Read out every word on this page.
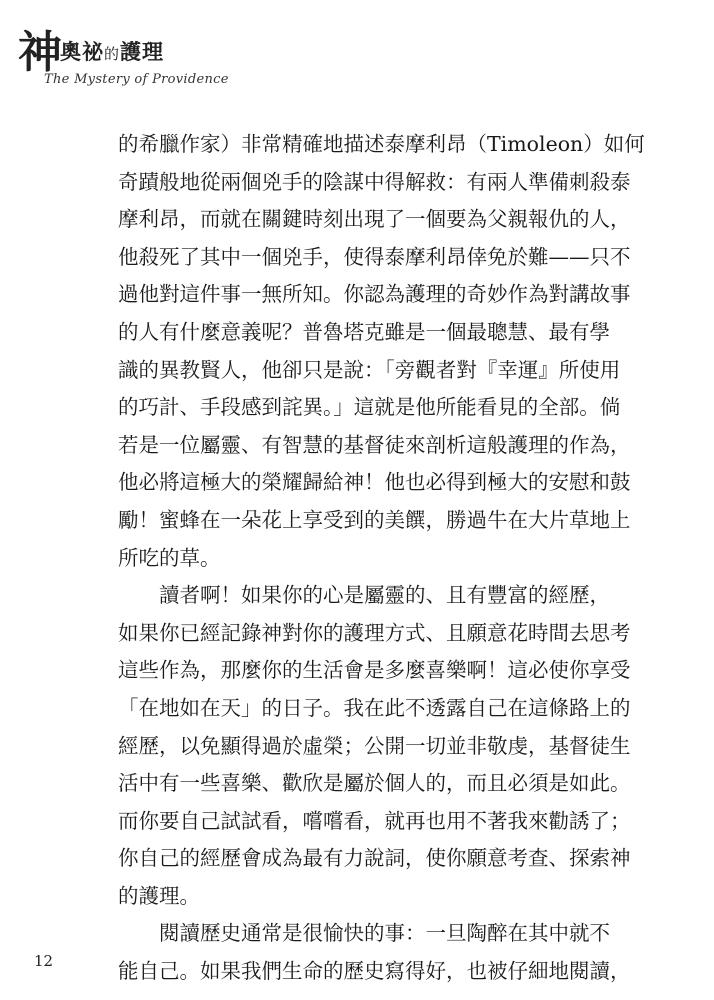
神
奧祕的護理
The Mystery of Providence
的希臘作家）非常精確地描述泰摩利昂（Timoleon）如何
奇蹟般地從兩個兇手的陰謀中得解救：有兩人準備刺殺泰
摩利昂，而就在關鍵時刻出現了一個要為父親報仇的人，
他殺死了其中一個兇手，使得泰摩利昂倖免於難——只不
過他對這件事一無所知。你認為護理的奇妙作為對講故事
的人有什麼意義呢？普魯塔克雖是一個最聰慧、最有學
識的異教賢人，他卻只是說：「旁觀者對『幸運』所使用
的巧計、手段感到詫異。」這就是他所能看見的全部。倘
若是一位屬靈、有智慧的基督徒來剖析這般護理的作為，
他必將這極大的榮耀歸給神！他也必得到極大的安慰和鼓
勵！蜜蜂在一朵花上享受到的美饌，勝過牛在大片草地上
所吃的草。
讀者啊！如果你的心是屬靈的、且有豐富的經歷，
如果你已經記錄神對你的護理方式、且願意花時間去思考
這些作為，那麼你的生活會是多麼喜樂啊！這必使你享受
「在地如在天」的日子。我在此不透露自己在這條路上的
經歷，以免顯得過於虛榮；公開一切並非敬虔，基督徒生
活中有一些喜樂、歡欣是屬於個人的，而且必須是如此。
而你要自己試試看，嚐嚐看，就再也用不著我來勸誘了；
你自己的經歷會成為最有力說詞，使你願意考查、探索神
的護理。
閱讀歷史通常是很愉快的事：一旦陶醉在其中就不
能自己。如果我們生命的歷史寫得好，也被仔細地閱讀，
12
